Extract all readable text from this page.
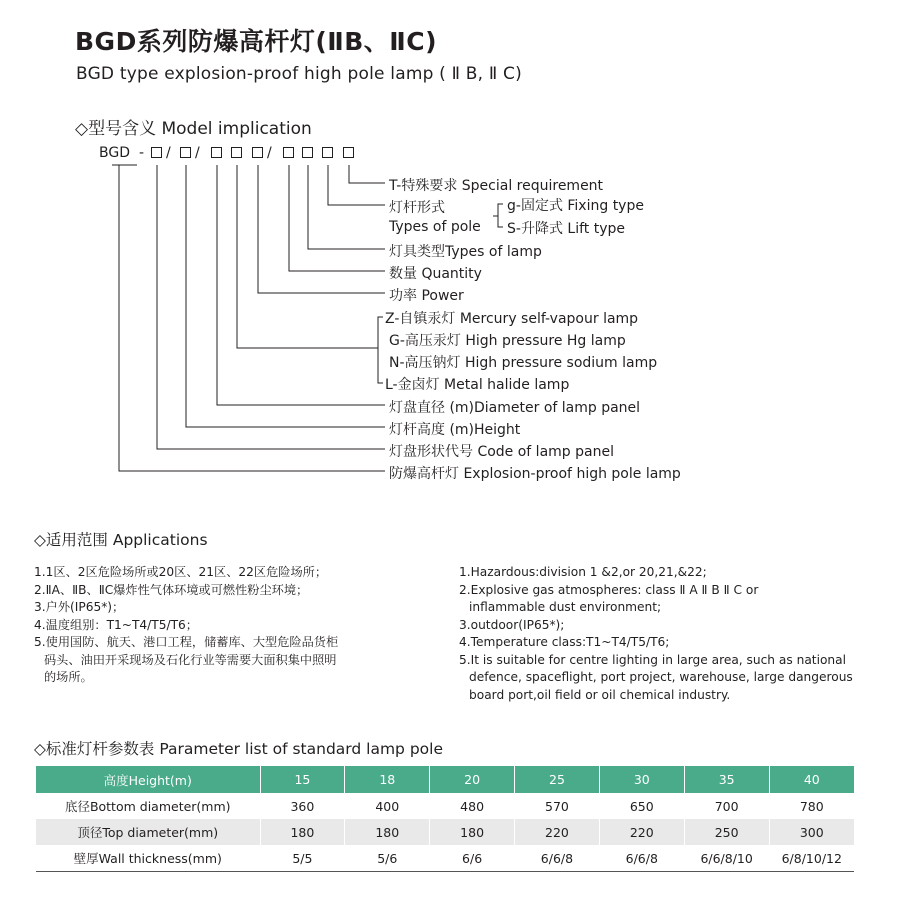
BGD系列防爆高杆灯(ⅡB、ⅡC)
BGD type explosion-proof high pole lamp ( Ⅱ B, Ⅱ C)
◇型号含义 Model implication
BGD - / /	/
T-特殊要求 Special requirement
灯杆形式
Types of pole
g-固定式 Fixing type
S-升降式 Lift type
灯具类型Types of lamp
数量 Quantity
功率 Power
Z-自镇汞灯 Mercury self-vapour lamp
G-高压汞灯 High pressure Hg lamp
N-高压钠灯 High pressure sodium lamp
L-金卤灯 Metal halide lamp
灯盘直径 (m)Diameter of lamp panel
灯杆高度 (m)Height
灯盘形状代号 Code of lamp panel
防爆高杆灯 Explosion-proof high pole lamp
◇适用范围 Applications
1.1区、2区危险场所或20区、21区、22区危险场所；
2.ⅡA、ⅡB、ⅡC爆炸性气体环境或可燃性粉尘环境；
3.户外(IP65*)；
4.温度组别：T1~T4/T5/T6；
5.使用国防、航天、港口工程，储蓄库、大型危险品货柜
码头、油田开采现场及石化行业等需要大面积集中照明
的场所。
1.Hazardous:division 1 &2,or 20,21,&22;
2.Explosive gas atmospheres: class Ⅱ A Ⅱ B Ⅱ C or
inflammable dust environment;
3.outdoor(IP65*);
4.Temperature class:T1~T4/T5/T6;
5.It is suitable for centre lighting in large area, such as national
defence, spaceflight, port project, warehouse, large dangerous
board port,oil field or oil chemical industry.
◇标准灯杆参数表 Parameter list of standard lamp pole
高度Height(m)	15	18	20	25	30	35	40
底径Bottom diameter(mm)	360	400	480	570	650	700	780
顶径Top diameter(mm)	180	180	180	220	220	250	300
壁厚Wall thickness(mm)	5/5	5/6	6/6	6/6/8	6/6/8	6/6/8/10	6/8/10/12
